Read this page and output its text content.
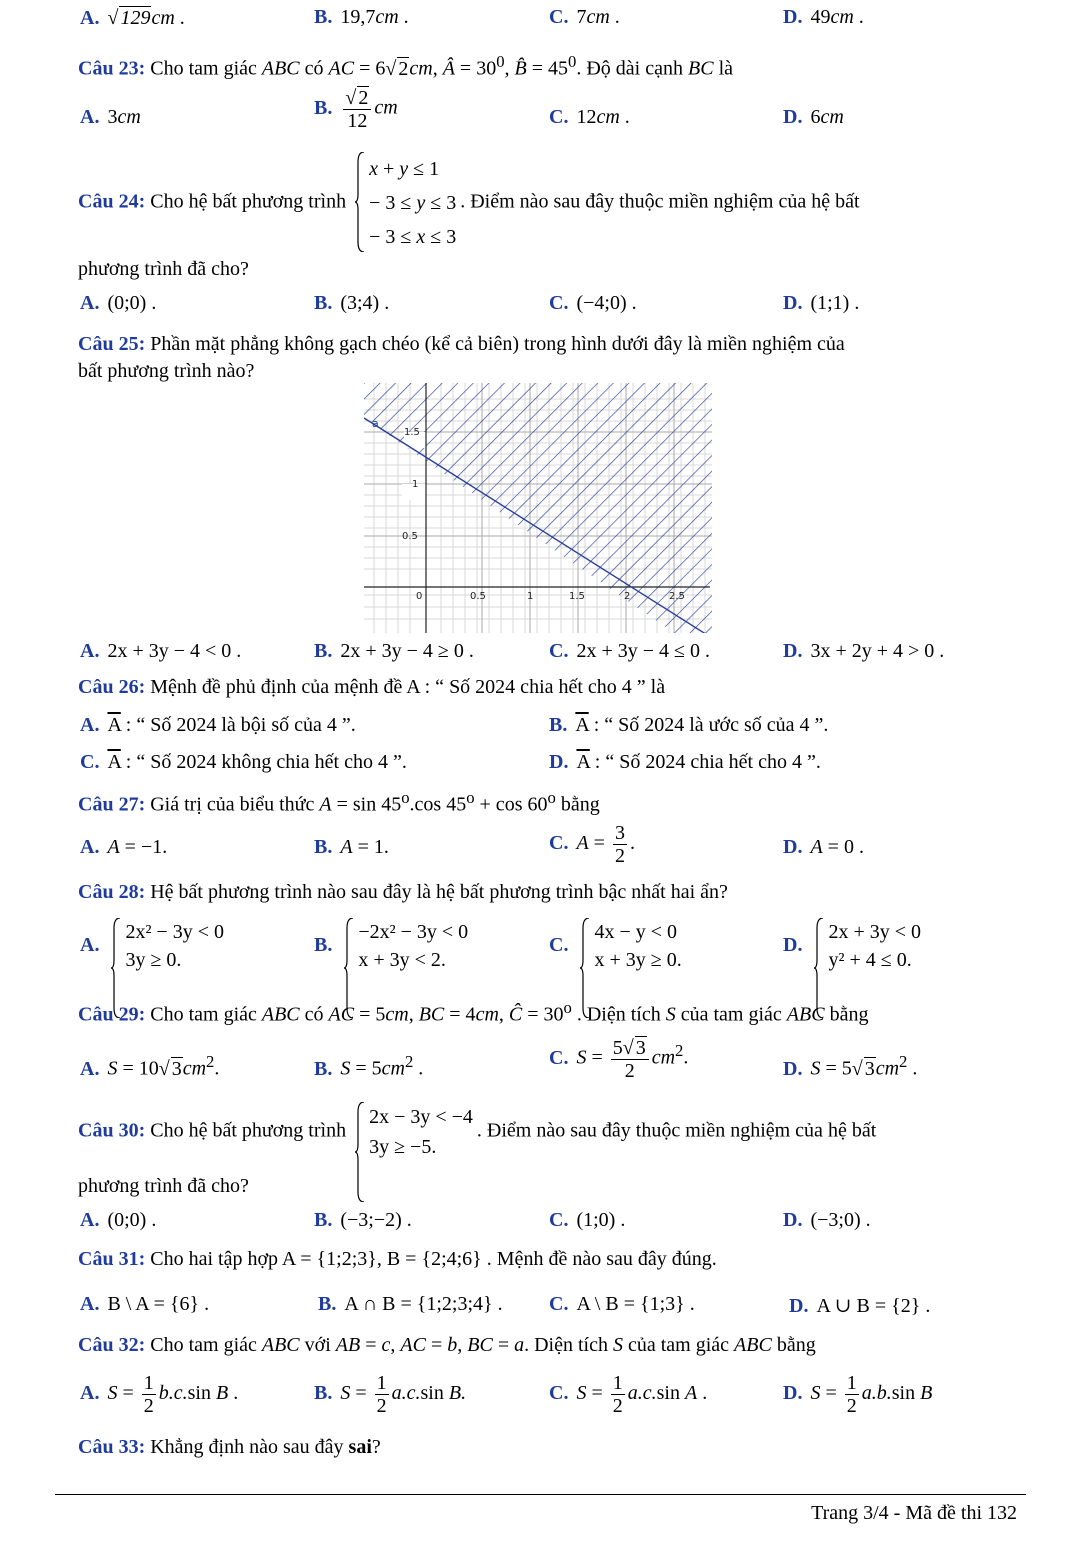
A. √ 129cm .	B. 19,7cm .	C. 7cm .	D. 49cm .
Câu 23: Cho tam giác ABC có AC = 6 √ 2cm, Â = $30^0$, B̂ = $45^0$. Độ dài cạnh BC là
A. 3cm	B. √ $\frac{2}{12}$ cm	C. 12cm .	D. 6cm
Câu 24: Cho hệ bất phương trình
x + y ≤ 1
− 3 ≤ y ≤ 3
− 3 ≤ x ≤ 3
. Điểm nào sau đây thuộc miền nghiệm của hệ bất
phương trình đã cho?
A. (0;0) .	B. (3;4) .	C. (−4;0) .	D. (1;1) .
Câu 25: Phần mặt phẳng không gạch chéo (kể cả biên) trong hình dưới đây là miền nghiệm của
bất phương trình nào?
1.5
1
0.5
0	0.5	1	1.5	2	2.5
a
A. 2x + 3y − 4 < 0 .	B. 2x + 3y − 4 ≥ 0 .	C. 2x + 3y − 4 ≤ 0 .	D. 3x + 2y + 4 > 0 .
Câu 26: Mệnh đề phủ định của mệnh đề A : “ Số 2024 chia hết cho 4 ” là
A. $\overline{A}$ : “ Số 2024 là bội số của 4 ”.	B. $\overline{A}$ : “ Số 2024 là ước số của 4 ”.
C. $\overline{A}$ : “ Số 2024 không chia hết cho 4 ”.	D. $\overline{A}$ : “ Số 2024 chia hết cho 4 ”.
Câu 27: Giá trị của biểu thức A = sin 45$^o$.cos $45^o + \cos 60^o$ bằng
A. A = −1.	B. A = 1.	C. $A = \frac{3}{2}$ .	D. A = 0 .
Câu 28: Hệ bất phương trình nào sau đây là hệ bất phương trình bậc nhất hai ẩn?
A.
2x² − 3y < 0
3y ≥ 0.
B.
−2x² − 3y < 0
x + 3y < 2.
C.
4x − y < 0
x + 3y ≥ 0.
D.
2x + 3y < 0
y² + 4 ≤ 0.
Câu 29: Cho tam giác ABC có AC = 5cm, BC = 4cm, Ĉ = $30^o$ . Diện tích S của tam giác ABC bằng
A. S = 10 √ $3cm^2$.	B. $S = 5cm^2$ .
C. $S = \frac{5 √ 3}{2} cm^2$.
D. S = 5 √ $3cm^2$ .
Câu 30: Cho hệ bất phương trình
2x − 3y < −4
3y ≥ −5.
. Điểm nào sau đây thuộc miền nghiệm của hệ bất
phương trình đã cho?
A. (0;0) .	B. (−3;−2) .	C. (1;0) .	D. (−3;0) .
Câu 31: Cho hai tập hợp A = {1;2;3}, B = {2;4;6} . Mệnh đề nào sau đây đúng.
A. B \ A = {6} .	B. A ∩ B = {1;2;3;4} . C. A \ B = {1;3} .	D. A ∪ B = {2} .
Câu 32: Cho tam giác ABC với AB = c, AC = b, BC = a. Diện tích S của tam giác ABC bằng
A. $S = \frac{1}{2} b.c.\sin$ B .	B. $S = \frac{1}{2} a.c.\sin$ B.	C. $S = \frac{1}{2} a.c.\sin$ A .	D. $S = \frac{1}{2} a.b.\sin$ B
Câu 33: Khẳng định nào sau đây sai?
Trang 3/4 - Mã đề thi 132
